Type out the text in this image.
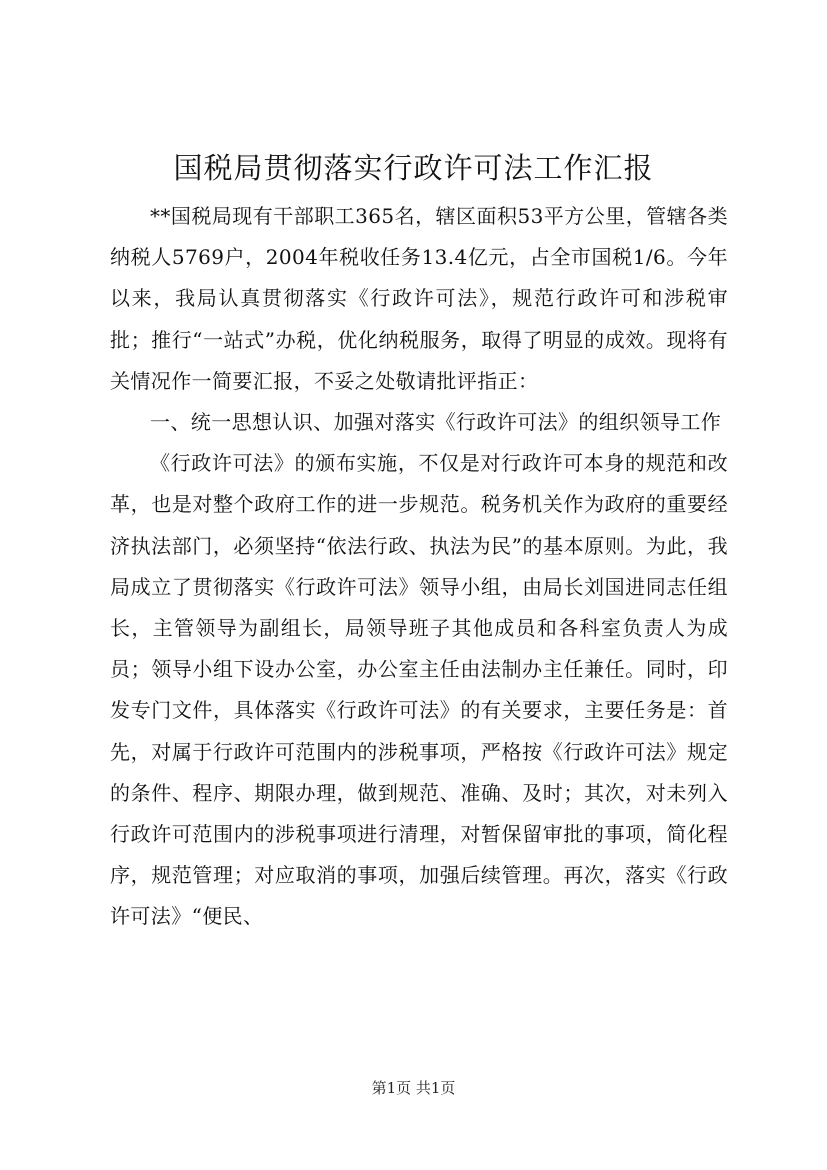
国税局贯彻落实行政许可法工作汇报

**国税局现有干部职工365名，辖区面积53平方公里，管辖各类纳税人5769户，2004年税收任务13.4亿元，占全市国税1/6。今年以来，我局认真贯彻落实《行政许可法》，规范行政许可和涉税审批；推行“一站式”办税，优化纳税服务，取得了明显的成效。现将有关情况作一简要汇报，不妥之处敬请批评指正：

一、统一思想认识、加强对落实《行政许可法》的组织领导工作

《行政许可法》的颁布实施，不仅是对行政许可本身的规范和改革，也是对整个政府工作的进一步规范。税务机关作为政府的重要经济执法部门，必须坚持“依法行政、执法为民”的基本原则。为此，我局成立了贯彻落实《行政许可法》领导小组，由局长刘国进同志任组长，主管领导为副组长，局领导班子其他成员和各科室负责人为成员；领导小组下设办公室，办公室主任由法制办主任兼任。同时，印发专门文件，具体落实《行政许可法》的有关要求，主要任务是：首先，对属于行政许可范围内的涉税事项，严格按《行政许可法》规定的条件、程序、期限办理，做到规范、准确、及时；其次，对未列入行政许可范围内的涉税事项进行清理，对暂保留审批的事项，简化程序，规范管理；对应取消的事项，加强后续管理。再次，落实《行政许可法》“便民、

第1页 共1页
